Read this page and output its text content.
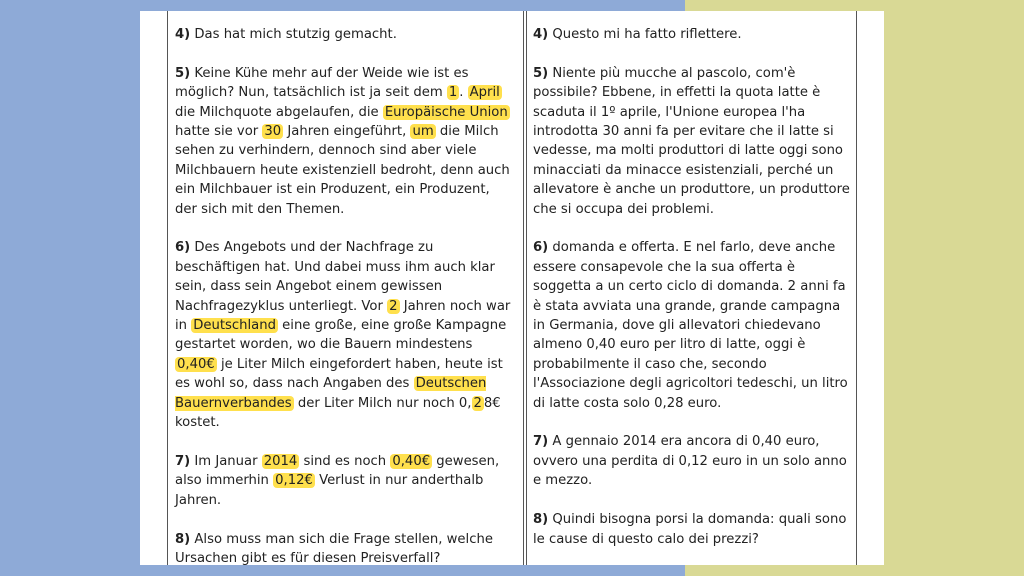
4) Das hat mich stutzig gemacht.

5) Keine Kühe mehr auf der Weide wie ist es möglich? Nun, tatsächlich ist ja seit dem 1 . April die Milchquote abgelaufen, die Europäische Union hatte sie vor 30 Jahren eingeführt, um die Milch sehen zu verhindern, dennoch sind aber viele Milchbauern heute existenziell bedroht, denn auch ein Milchbauer ist ein Produzent, ein Produzent, der sich mit den Themen.

6) Des Angebots und der Nachfrage zu beschäftigen hat. Und dabei muss ihm auch klar sein, dass sein Angebot einem gewissen Nachfragezyklus unterliegt. Vor 2 Jahren noch war in Deutschland eine große, eine große Kampagne gestartet worden, wo die Bauern mindestens 0,40€ je Liter Milch eingefordert haben, heute ist es wohl so, dass nach Angaben des Deutschen Bauernverbandes der Liter Milch nur noch 0, 2 8€ kostet.

7) Im Januar 2014 sind es noch 0,40€ gewesen, also immerhin 0,12€ Verlust in nur anderthalb Jahren.

8) Also muss man sich die Frage stellen, welche Ursachen gibt es für diesen Preisverfall?

4) Questo mi ha fatto riflettere.

5) Niente più mucche al pascolo, com'è possibile? Ebbene, in effetti la quota latte è scaduta il 1º aprile, l'Unione europea l'ha introdotta 30 anni fa per evitare che il latte si vedesse, ma molti produttori di latte oggi sono minacciati da minacce esistenziali, perché un allevatore è anche un produttore, un produttore che si occupa dei problemi.

6) domanda e offerta. E nel farlo, deve anche essere consapevole che la sua offerta è soggetta a un certo ciclo di domanda. 2 anni fa è stata avviata una grande, grande campagna in Germania, dove gli allevatori chiedevano almeno 0,40 euro per litro di latte, oggi è probabilmente il caso che, secondo l'Associazione degli agricoltori tedeschi, un litro di latte costa solo 0,28 euro.

7) A gennaio 2014 era ancora di 0,40 euro, ovvero una perdita di 0,12 euro in un solo anno e mezzo.

8) Quindi bisogna porsi la domanda: quali sono le cause di questo calo dei prezzi?
